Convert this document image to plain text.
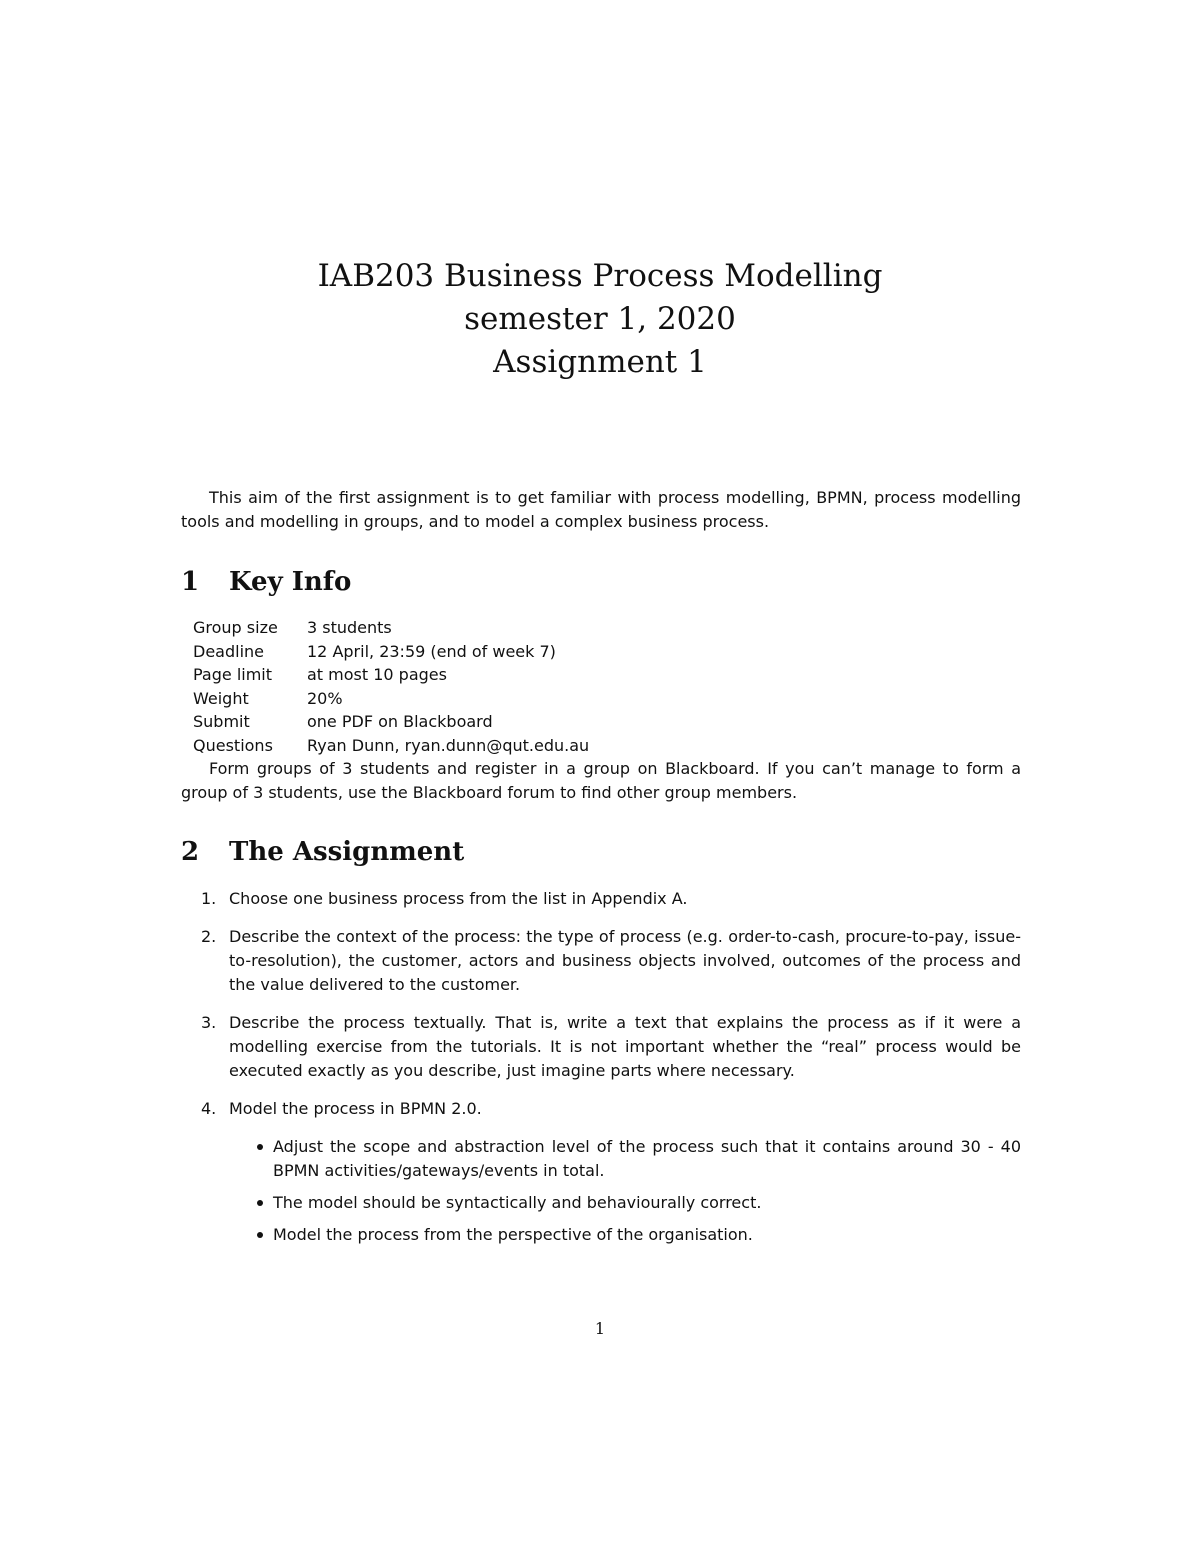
IAB203 Business Process Modelling
semester 1, 2020
Assignment 1

This aim of the first assignment is to get familiar with process modelling, BPMN, process modelling tools and modelling in groups, and to model a complex business process.

1 Key Info
Group size	3 students
Deadline	12 April, 23:59 (end of week 7)
Page limit	at most 10 pages
Weight	20%
Submit	one PDF on Blackboard
Questions	Ryan Dunn, ryan.dunn@qut.edu.au

Form groups of 3 students and register in a group on Blackboard. If you can’t manage to form a group of 3 students, use the Blackboard forum to find other group members.

2 The Assignment
1. Choose one business process from the list in Appendix A.
2. Describe the context of the process: the type of process (e.g. order-to-cash, procure-to-pay, issue-to-resolution), the customer, actors and business objects involved, outcomes of the process and the value delivered to the customer.
3. Describe the process textually. That is, write a text that explains the process as if it were a modelling exercise from the tutorials. It is not important whether the “real” process would be executed exactly as you describe, just imagine parts where necessary.
4. Model the process in BPMN 2.0.
Adjust the scope and abstraction level of the process such that it contains around 30 - 40 BPMN activities/gateways/events in total.
The model should be syntactically and behaviourally correct.
Model the process from the perspective of the organisation.
1
